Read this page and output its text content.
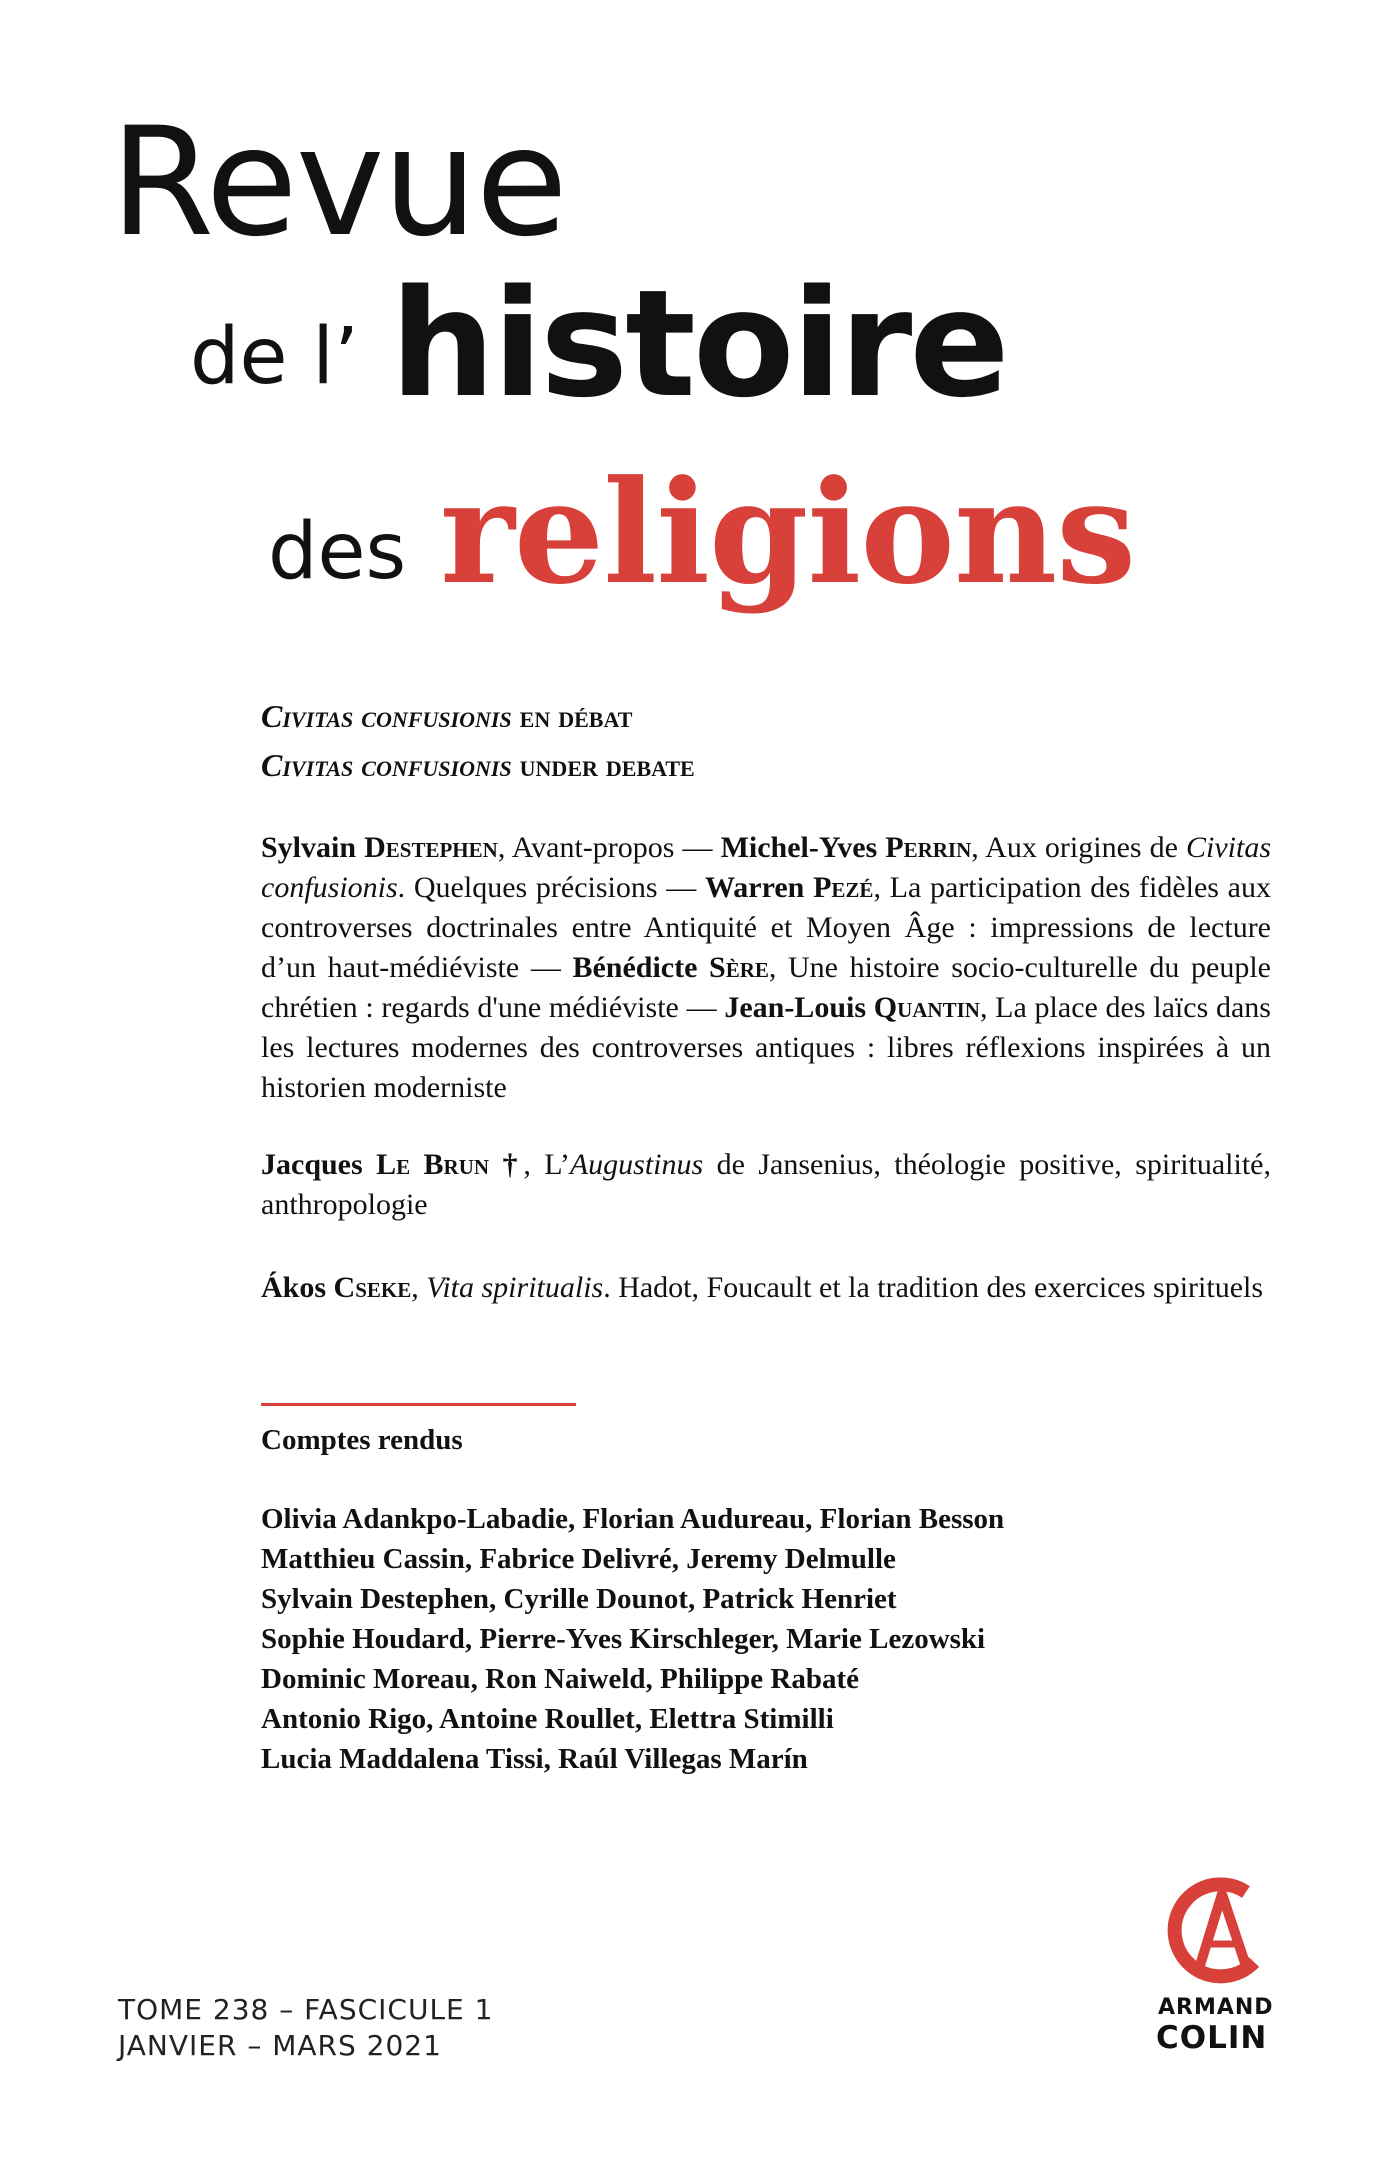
Revue
de l’ histoire
des religions
Civitas confusionis en débat
Civitas confusionis under debate
Sylvain Destephen, Avant-propos — Michel-Yves Perrin, Aux origines de Civitas confusionis. Quelques précisions — Warren Pezé, La participation des fidèles aux controverses doctrinales entre Antiquité et Moyen Âge : impressions de lecture d’un haut-médiéviste — Bénédicte Sère, Une histoire socio-culturelle du peuple chrétien : regards d'une médiéviste — Jean-Louis Quantin, La place des laïcs dans les lectures modernes des controverses antiques : libres réflexions inspirées à un historien moderniste
Jacques Le Brun †, L’Augustinus de Jansenius, théologie positive, spiritualité, anthropologie
Ákos Cseke, Vita spiritualis. Hadot, Foucault et la tradition des exercices spirituels
Comptes rendus
Olivia Adankpo-Labadie, Florian Audureau, Florian Besson
Matthieu Cassin, Fabrice Delivré, Jeremy Delmulle
Sylvain Destephen, Cyrille Dounot, Patrick Henriet
Sophie Houdard, Pierre-Yves Kirschleger, Marie Lezowski
Dominic Moreau, Ron Naiweld, Philippe Rabaté
Antonio Rigo, Antoine Roullet, Elettra Stimilli
Lucia Maddalena Tissi, Raúl Villegas Marín
TOME 238 – FASCICULE 1
JANVIER – MARS 2021
ARMAND
COLIN
